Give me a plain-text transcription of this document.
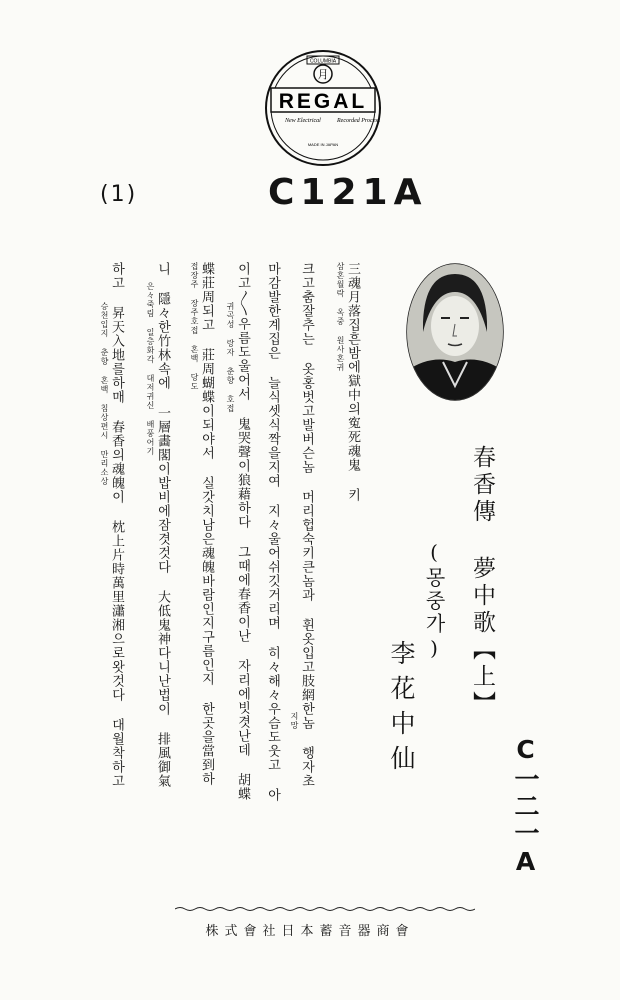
COLUMBIA
月
REGAL
New Electrical	Recorded Process
MADE IN JAPAN
(1)	C121A
春香傳 夢中歌【上】
(몽중가)
李花中仙
C一二一A
삼혼월락 옥중 원사혼귀 三魂月落집흔밤에獄中의寃死魂鬼 키
지망 크고춤잘추는 옷홍벗고발버슨놈 머리헙숙키큰놈과 휜옷입고肢網한놈 행자초
마감발한계집은 늘식셋식짝을지여 지々울어쉬깃거리며 히々해々우슴도웃고 아
귀곡성 랑자 춘향 호접 이고〳〵우름도울어서 鬼哭聲이狼藉하다 그때에春香이난 자리에빗겻난데 胡蝶
접장주 장주호접 혼백 당도 蝶莊周되고 莊周蝴蝶이되야서 실갓치남은魂魄바람인지구름인지 한곳을當到하
은々죽림 일층화각 대저귀신 배풍어기 니 隱々한竹林속에 一層畵閣이밥비에잠겻것다 大低鬼神다니난법이 排風御氣
승천입지 춘향 혼백 침상편시 만리소상 하고 昇天入地를하매 春香의魂魄이 枕上片時萬里瀟湘으로왓것다 대월착하고
株式會社日本蓄音器商會
